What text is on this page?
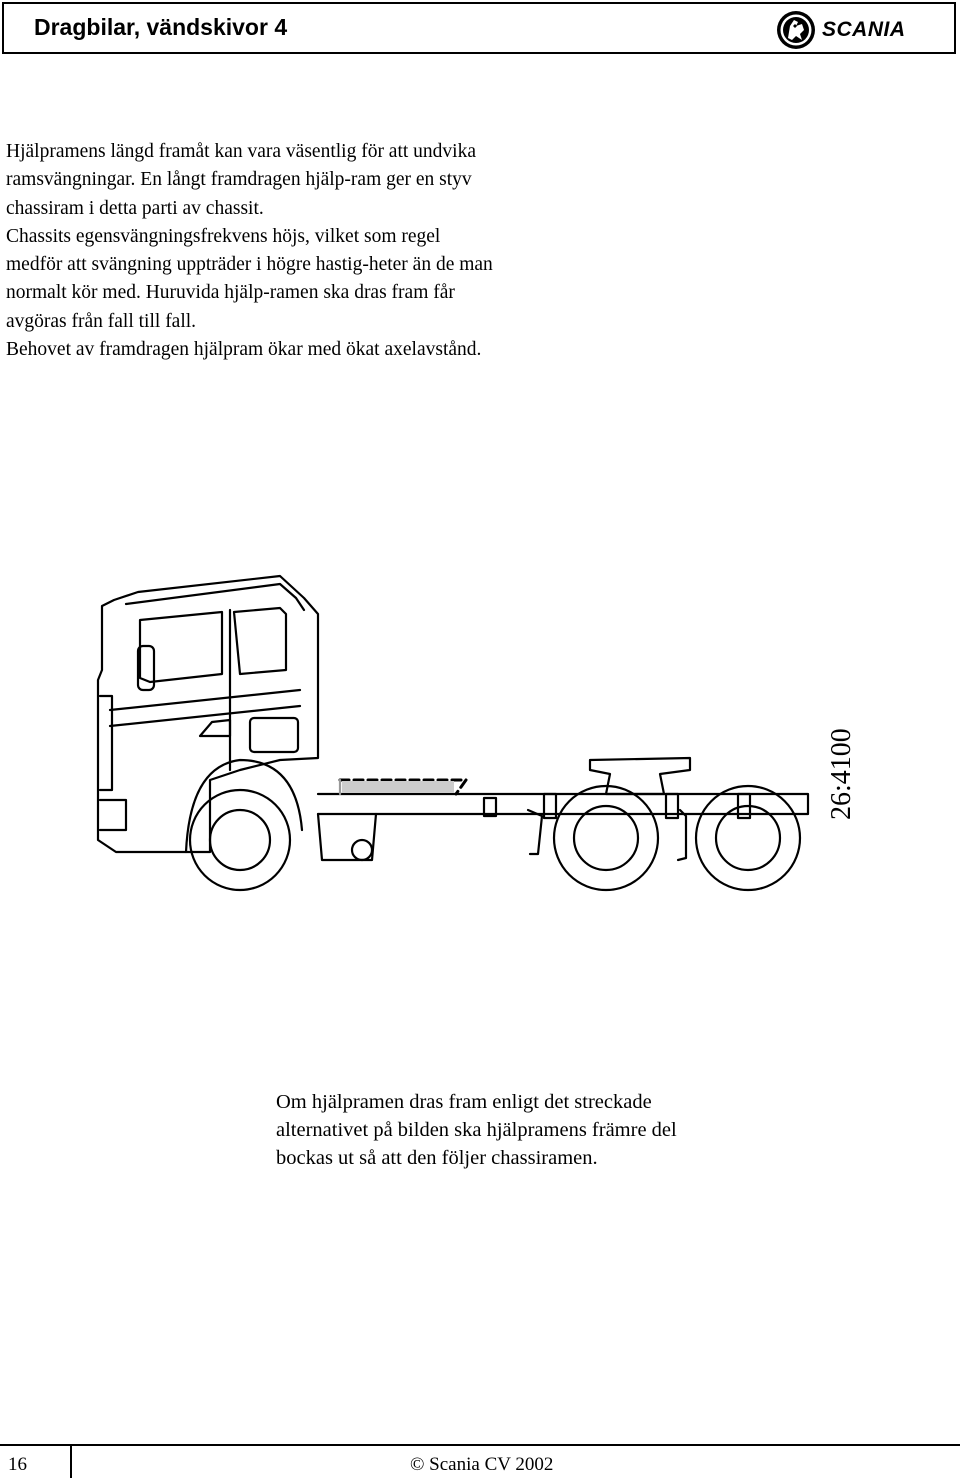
Dragbilar, vändskivor 4	SCANIA

Hjälpramens längd framåt kan vara väsentlig för att undvika ramsvängningar. En långt framdragen hjälp-ram ger en styv chassiram i detta parti av chassit.

Chassits egensvängningsfrekvens höjs, vilket som regel medför att svängning uppträder i högre hastig-heter än de man normalt kör med. Huruvida hjälp-ramen ska dras fram får avgöras från fall till fall.

Behovet av framdragen hjälpram ökar med ökat axelavstånd.

26:4100
Om hjälpramen dras fram enligt det streckade alternativet på bilden ska hjälpramens främre del bockas ut så att den följer chassiramen.
16	© Scania CV 2002
